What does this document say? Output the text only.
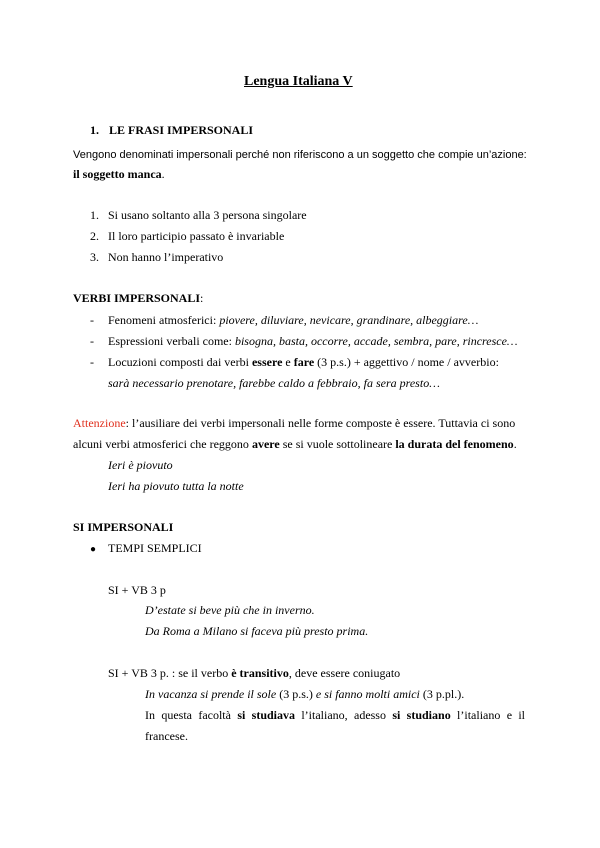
Lengua Italiana V
1. LE FRASI IMPERSONALI
Vengono denominati impersonali perché non riferiscono a un soggetto che compie un’azione:
il soggetto manca.
1. Si usano soltanto alla 3 persona singolare
2. Il loro participio passato è invariable
3. Non hanno l’imperativo
VERBI IMPERSONALI:
- Fenomeni atmosferici: piovere, diluviare, nevicare, grandinare, albeggiare…
- Espressioni verbali come: bisogna, basta, occorre, accade, sembra, pare, rincresce…
- Locuzioni composti dai verbi essere e fare (3 p.s.) + aggettivo / nome / avverbio:
sarà necessario prenotare, farebbe caldo a febbraio, fa sera presto…
Attenzione: l’ausiliare dei verbi impersonali nelle forme composte è essere. Tuttavia ci sono
alcuni verbi atmosferici che reggono avere se si vuole sottolineare la durata del fenomeno.
Ieri è piovuto
Ieri ha piovuto tutta la notte
SI IMPERSONALI
● TEMPI SEMPLICI
SI + VB 3 p
D’estate si beve più che in inverno.
Da Roma a Milano si faceva più presto prima.
SI + VB 3 p. : se il verbo è transitivo, deve essere coniugato
In vacanza si prende il sole (3 p.s.) e si fanno molti amici (3 p.pl.).
In questa facoltà si studiava l’italiano, adesso si studiano l’italiano e il
francese.
